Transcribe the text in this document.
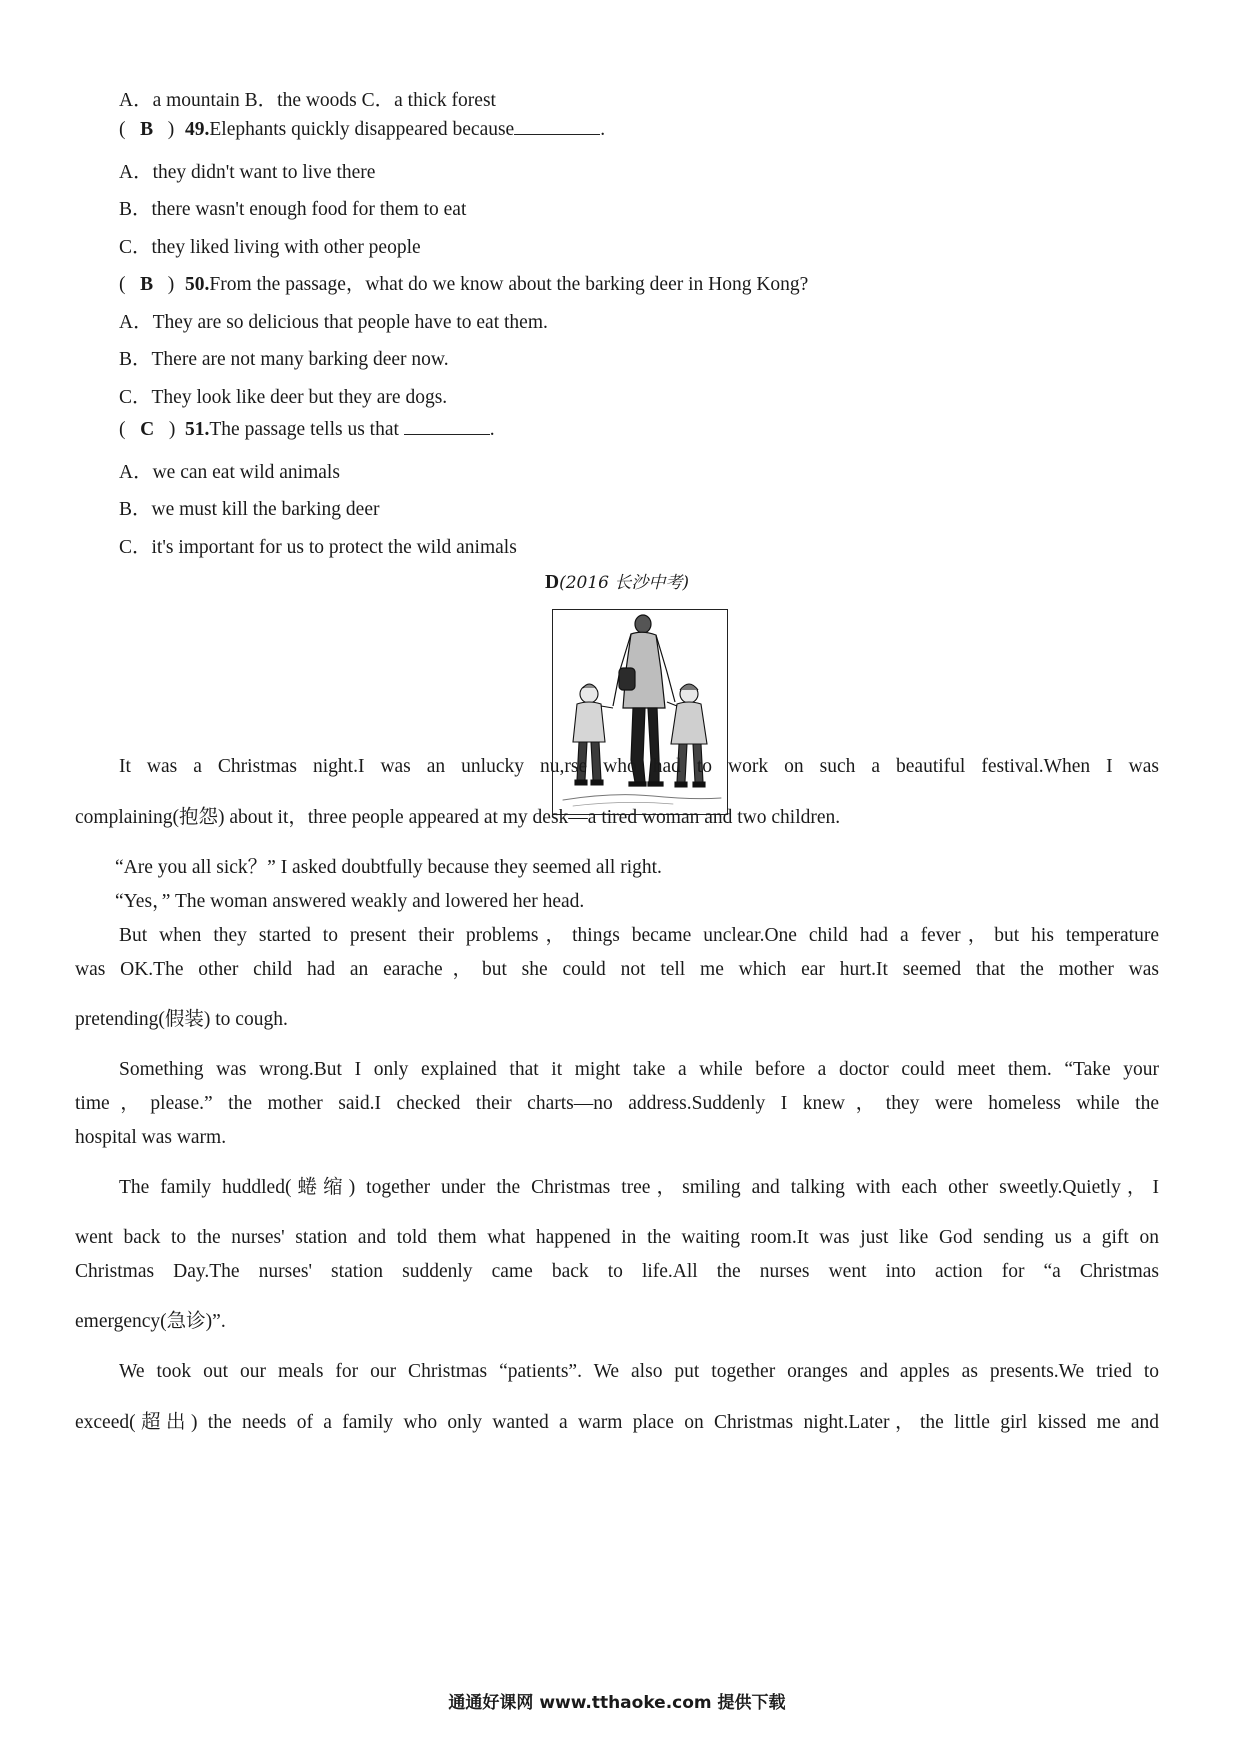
A．a mountain B．the woods C．a thick forest
(   B   ) 49.Elephants quickly disappeared because	.
A．they didn't want to live there
B．there wasn't enough food for them to eat
C．they liked living with other people
(   B   ) 50.From the passage，what do we know about the barking deer in Hong Kong?
A．They are so delicious that people have to eat them.
B．There are not many barking deer now.
C．They look like deer but they are dogs.
(   C   ) 51.The passage tells us that	.
A．we can eat wild animals
B．we must kill the barking deer
C．it's important for us to protect the wild animals
D(2016 长沙中考)
It was a Christmas night.I was an unlucky nu,rse who had to work on such a beautiful festival.When I was
complaining(抱怨) about it，three people appeared at my desk—a tired woman and two children.
“Are you all sick？” I asked doubtfully because they seemed all right.
“Yes，” The woman answered weakly and lowered her head.
But when they started to present their problems，things became unclear.One child had a fever，but his temperature
was OK.The other child had an earache，but she could not tell me which ear hurt.It seemed that the mother was
pretending(假装) to cough.
Something was wrong.But I only explained that it might take a while before a doctor could meet them. “Take your
time，please.” the mother said.I checked their charts—no address.Suddenly I knew，they were homeless while the
hospital was warm.
The family huddled(蜷缩) together under the Christmas tree，smiling and talking with each other sweetly.Quietly，I
went back to the nurses' station and told them what happened in the waiting room.It was just like God sending us a gift on
Christmas Day.The nurses' station suddenly came back to life.All the nurses went into action for “a Christmas
emergency(急诊)”.
We took out our meals for our Christmas “patients”. We also put together oranges and apples as presents.We tried to
exceed(超出) the needs of a family who only wanted a warm place on Christmas night.Later，the little girl kissed me and
通通好课网 www.tthaoke.com 提供下载
